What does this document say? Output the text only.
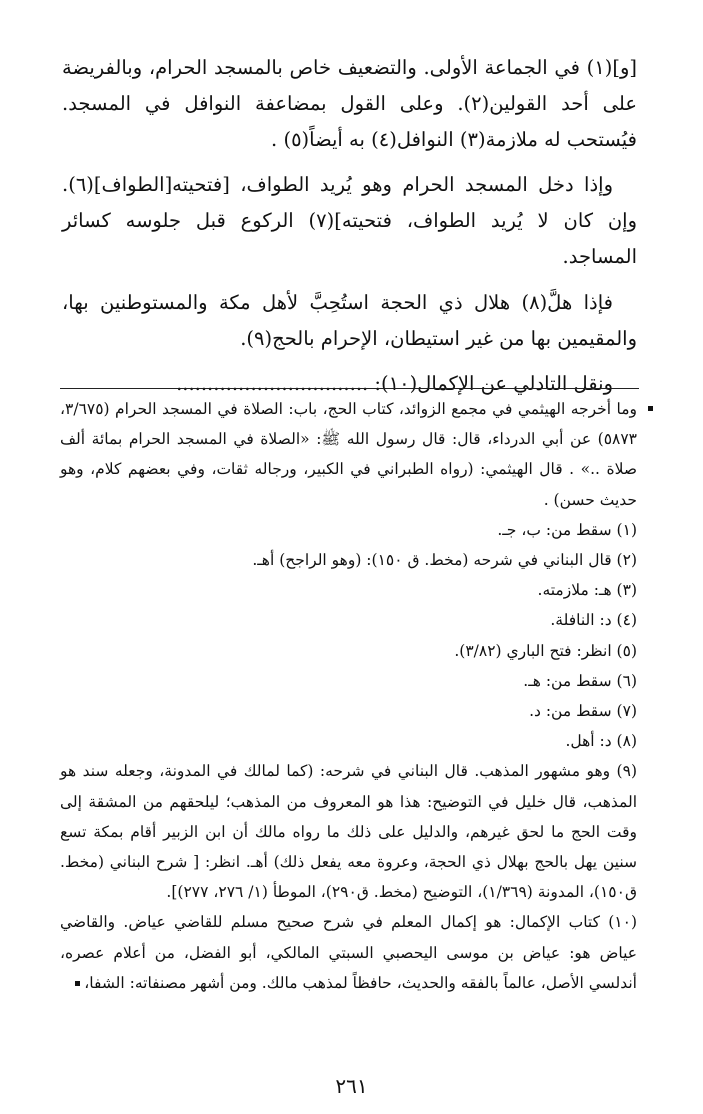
[و](١) في الجماعة الأولى. والتضعيف خاص بالمسجد الحرام، وبالفريضة على أحد القولين(٢). وعلى القول بمضاعفة النوافل في المسجد. فيُستحب له ملازمة(٣) النوافل(٤) به أيضاً(٥) .

وإذا دخل المسجد الحرام وهو يُريد الطواف، [فتحيته[الطواف](٦). وإن كان لا يُريد الطواف، فتحيته](٧) الركوع قبل جلوسه كسائر المساجد.

فإذا هلَّ(٨) هلال ذي الحجة استُحِبَّ لأهل مكة والمستوطنين بها، والمقيمين بها من غير استيطان، الإحرام بالحج(٩).

ونقل التادلي عن الإكمال(١٠): ...............................

وما أخرجه الهيثمي في مجمع الزوائد، كتاب الحج، باب: الصلاة في المسجد الحرام (٣/٦٧٥، ٥٨٧٣) عن أبي الدرداء، قال: قال رسول الله ﷺ: «الصلاة في المسجد الحرام بمائة ألف صلاة ..» . قال الهيثمي: (رواه الطبراني في الكبير، ورجاله ثقات، وفي بعضهم كلام، وهو حديث حسن) .

(١) سقط من: ب، جـ.

(٢) قال البناني في شرحه (مخط. ق ١٥٠): (وهو الراجح) أهـ.

(٣) هـ: ملازمته.

(٤) د: النافلة.

(٥) انظر: فتح الباري (٣/٨٢).

(٦) سقط من: هـ.

(٧) سقط من: د.

(٨) د: أهل.

(٩) وهو مشهور المذهب. قال البناني في شرحه: (كما لمالك في المدونة، وجعله سند هو المذهب، قال خليل في التوضيح: هذا هو المعروف من المذهب؛ ليلحقهم من المشقة إلى وقت الحج ما لحق غيرهم، والدليل على ذلك ما رواه مالك أن ابن الزبير أقام بمكة تسع سنين يهل بالحج بهلال ذي الحجة، وعروة معه يفعل ذلك) أهـ. انظر: [ شرح البناني (مخط. ق١٥٠)، المدونة (١/٣٦٩)، التوضيح (مخط. ق٢٩٠)، الموطأ (١/ ٢٧٦، ٢٧٧)].

(١٠) كتاب الإكمال: هو إكمال المعلم في شرح صحيح مسلم للقاضي عياض. والقاضي عياض هو: عياض بن موسى اليحصبي السبتي المالكي، أبو الفضل، من أعلام عصره، أندلسي الأصل، عالماً بالفقه والحديث، حافظاً لمذهب مالك. ومن أشهر مصنفاته: الشفا،

٢٦١
